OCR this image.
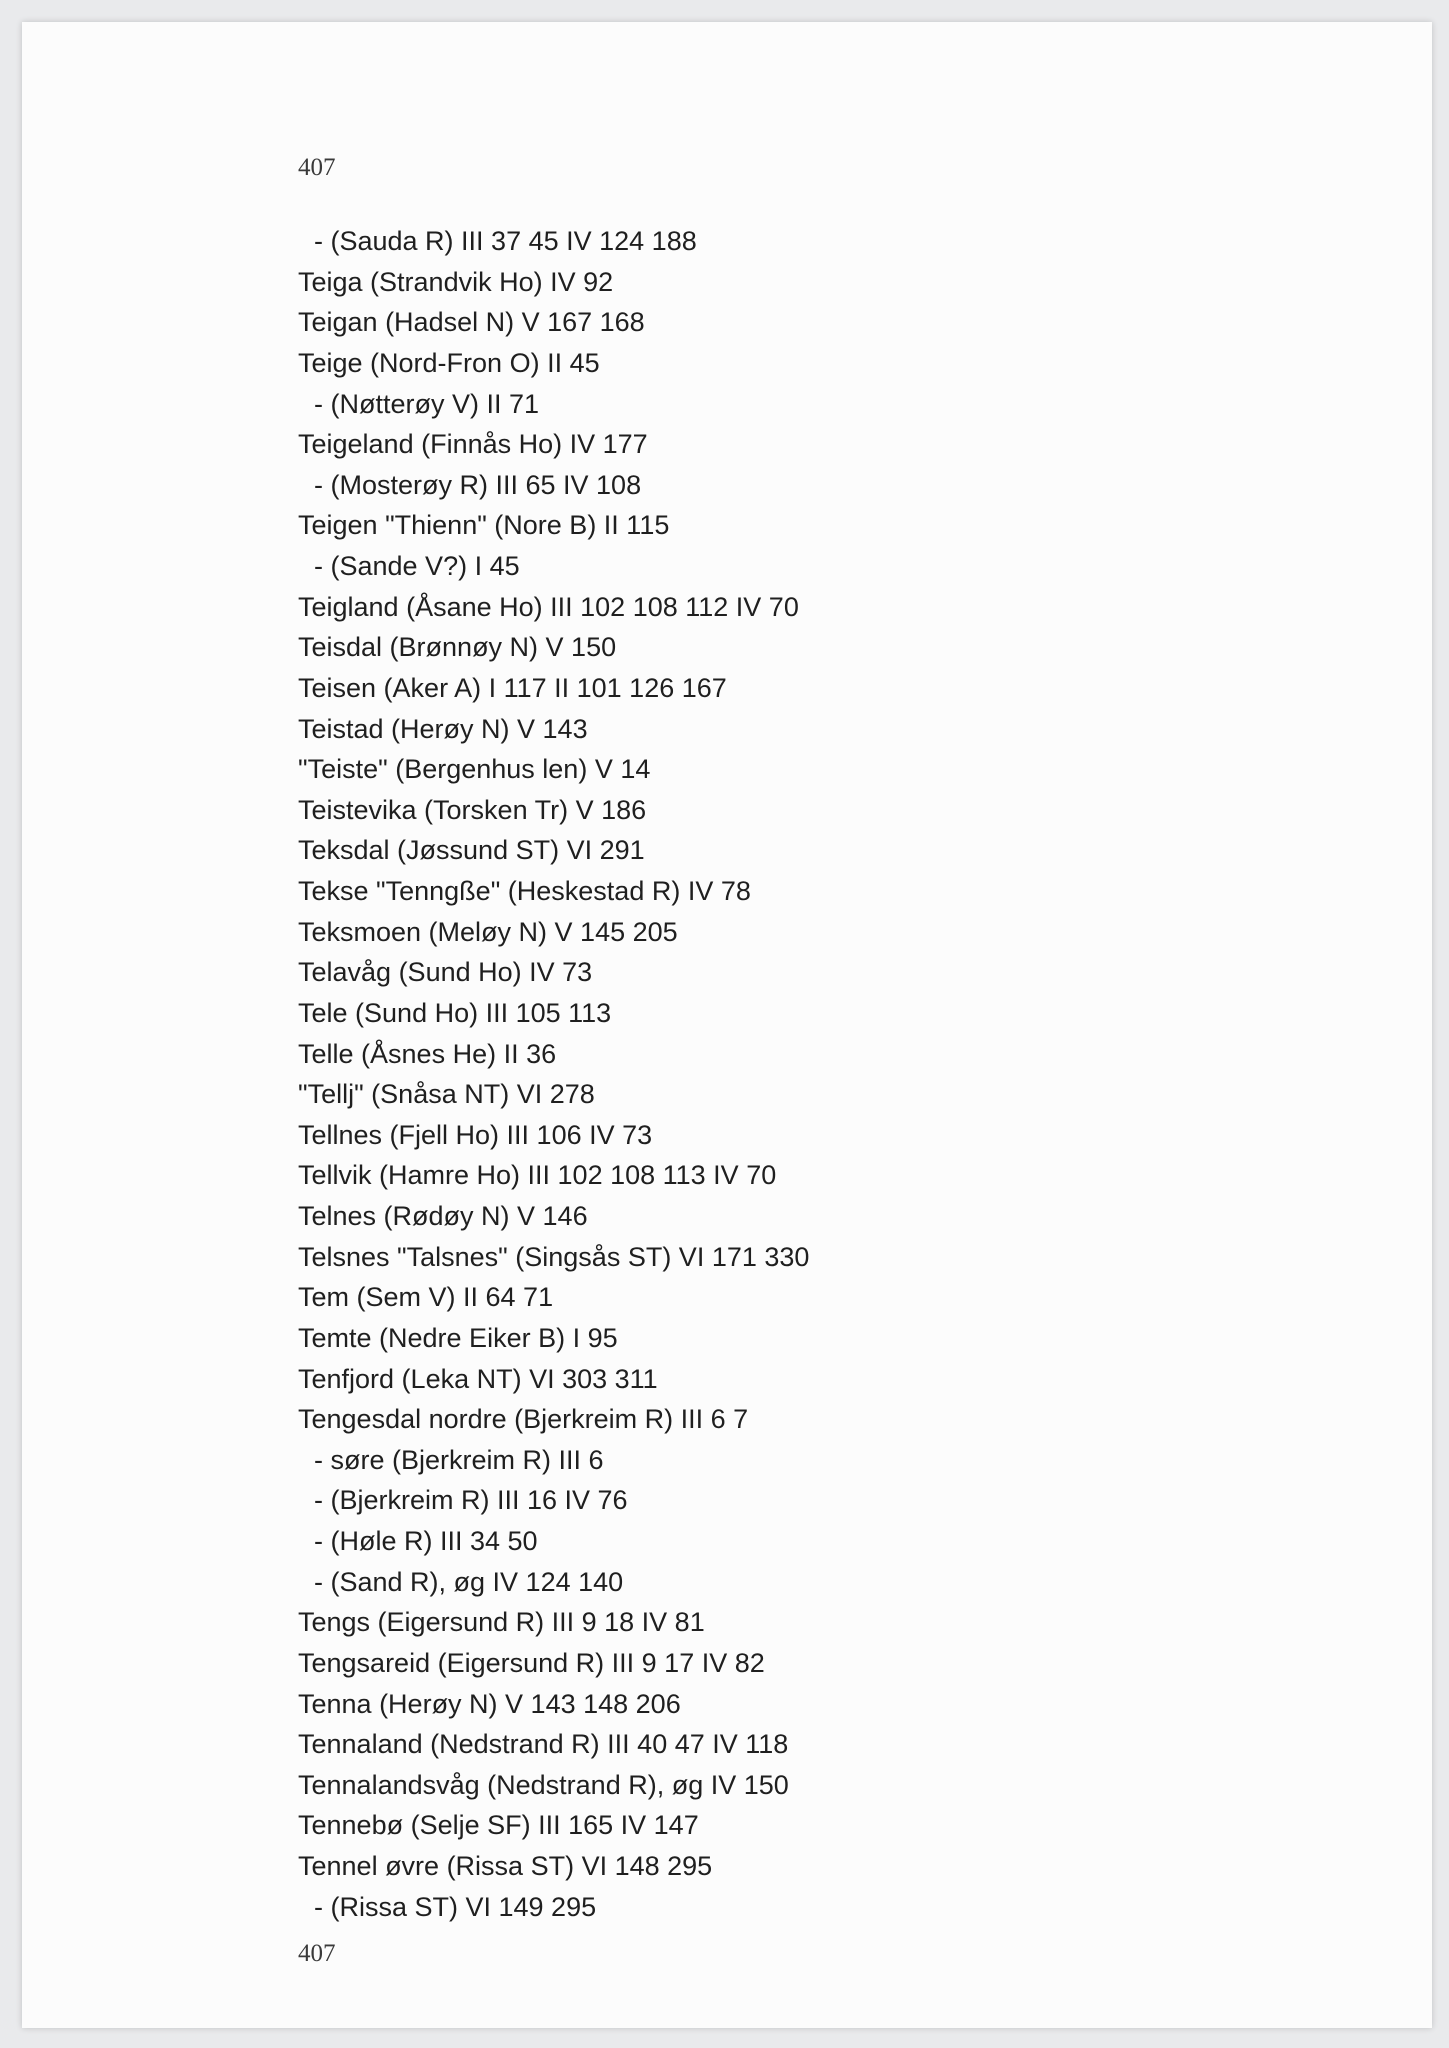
407
- (Sauda R) III 37 45 IV 124 188
Teiga (Strandvik Ho) IV 92
Teigan (Hadsel N) V 167 168
Teige (Nord-Fron O) II 45
- (Nøtterøy V) II 71
Teigeland (Finnås Ho) IV 177
- (Mosterøy R) III 65 IV 108
Teigen "Thienn" (Nore B) II 115
- (Sande V?) I 45
Teigland (Åsane Ho) III 102 108 112 IV 70
Teisdal (Brønnøy N) V 150
Teisen (Aker A) I 117 II 101 126 167
Teistad (Herøy N) V 143
"Teiste" (Bergenhus len) V 14
Teistevika (Torsken Tr) V 186
Teksdal (Jøssund ST) VI 291
Tekse "Tenngße" (Heskestad R) IV 78
Teksmoen (Meløy N) V 145 205
Telavåg (Sund Ho) IV 73
Tele (Sund Ho) III 105 113
Telle (Åsnes He) II 36
"Tellj" (Snåsa NT) VI 278
Tellnes (Fjell Ho) III 106 IV 73
Tellvik (Hamre Ho) III 102 108 113 IV 70
Telnes (Rødøy N) V 146
Telsnes "Talsnes" (Singsås ST) VI 171 330
Tem (Sem V) II 64 71
Temte (Nedre Eiker B) I 95
Tenfjord (Leka NT) VI 303 311
Tengesdal nordre (Bjerkreim R) III 6 7
- søre (Bjerkreim R) III 6
- (Bjerkreim R) III 16 IV 76
- (Høle R) III 34 50
- (Sand R), øg IV 124 140
Tengs (Eigersund R) III 9 18 IV 81
Tengsareid (Eigersund R) III 9 17 IV 82
Tenna (Herøy N) V 143 148 206
Tennaland (Nedstrand R) III 40 47 IV 118
Tennalandsvåg (Nedstrand R), øg IV 150
Tennebø (Selje SF) III 165 IV 147
Tennel øvre (Rissa ST) VI 148 295
- (Rissa ST) VI 149 295
407
